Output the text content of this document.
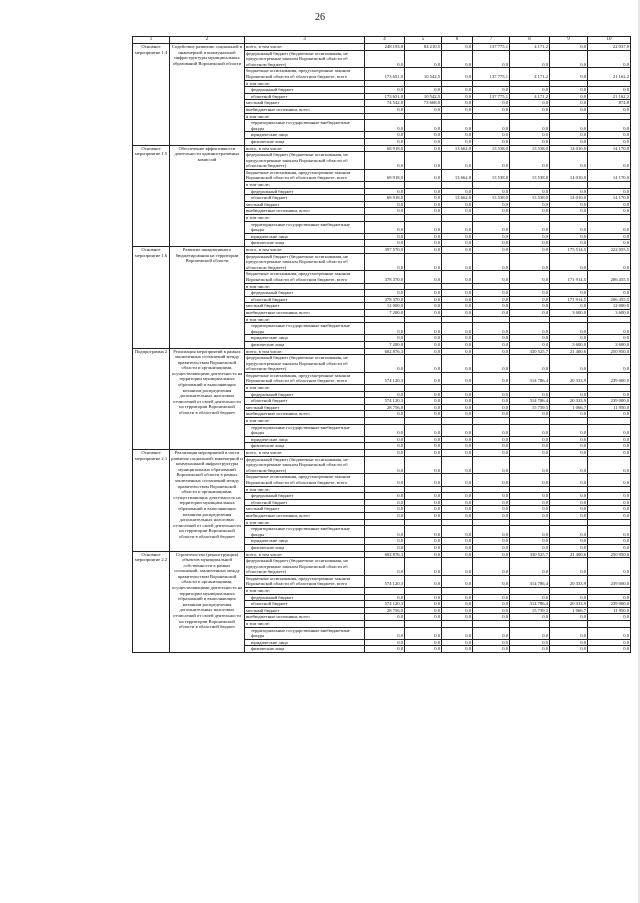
26
1	2	3	4	5	6	7	8	9	10
Основное мероприятие 1.4	Содействие развитию социальной и инженерной и коммунальной инфраструктуры муниципальных образований Воронежской области	всего, в том числе:	248 193,8	84 210,5	0,0	137 775,1	4 171,2	0,0	22 037,0
		федеральный бюджет (бюджетные ассигнования, не предусмотренные законом Воронежской области об областном бюджете)	0,0	0,0	0,0	0,0	0,0	0,0	0,0
		бюджетные ассигнования, предусмотренные законом Воронежской области об областном бюджете, всего	173 651,0	10 542,5	0,0	137 775,1	4 171,2	0,0	21 162,2
		в том числе:							
		федеральный бюджет	0,0	0,0	0,0	0,0	0,0	0,0	0,0
		областной бюджет	173 651,0	10 542,5	0,0	137 775,1	4 171,2	0,0	21 162,2
		местный бюджет	74 542,8	73 668,0	0,0	0,0	0,0	0,0	874,8
		внебюджетные источники, всего	0,0	0,0	0,0	0,0	0,0	0,0	0,0
		в том числе:							
		территориальные государственные внебюджетные фонды	0,0	0,0	0,0	0,0	0,0	0,0	0,0
		юридические лица	0,0	0,0	0,0	0,0	0,0	0,0	0,0
		физические лица	0,0	0,0	0,0	0,0	0,0	0,0	0,0
Основное мероприятие 1.5	Обеспечение эффективности деятельности административных комиссий	всего, в том числе:	68 918,0	0,0	13 662,0	13 538,0	13 538,0	14 010,0	14 170,0
		федеральный бюджет (бюджетные ассигнования, не предусмотренные законом Воронежской области об областном бюджете)	0,0	0,0	0,0	0,0	0,0	0,0	0,0
		бюджетные ассигнования, предусмотренные законом Воронежской области об областном бюджете, всего	68 918,0	0,0	13 662,0	13 538,0	13 538,0	14 010,0	14 170,0
		в том числе:							
		федеральный бюджет	0,0	0,0	0,0	0,0	0,0	0,0	0,0
		областной бюджет	68 918,0	0,0	13 662,0	13 538,0	13 538,0	14 010,0	14 170,0
		местный бюджет	0,0	0,0	0,0	0,0	0,0	0,0	0,0
		внебюджетные источники, всего	0,0	0,0	0,0	0,0	0,0	0,0	0,0
		в том числе:							
		территориальные государственные внебюджетные фонды	0,0	0,0	0,0	0,0	0,0	0,0	0,0
		юридические лица	0,0	0,0	0,0	0,0	0,0	0,0	0,0
		физические лица	0,0	0,0	0,0	0,0	0,0	0,0	0,0
Основное мероприятие 1.6	Развитие инициативного бюджетирования на территории Воронежской области	всего, в том числе:	397 570,0	0,0	0,0	0,0	0,0	175 514,5	222 055,5
		федеральный бюджет (бюджетные ассигнования, не предусмотренные законом Воронежской области об областном бюджете)	0,0	0,0	0,0	0,0	0,0	0,0	0,0
		бюджетные ассигнования, предусмотренные законом Воронежской области об областном бюджете, всего	378 370,0	0,0	0,0	0,0	0,0	171 914,5	206 455,5
		в том числе:							
		федеральный бюджет	0,0	0,0	0,0	0,0	0,0	0,0	0,0
		областной бюджет	378 370,0	0,0	0,0	0,0	0,0	171 914,5	206 455,5
		местный бюджет	12 000,0	0,0	0,0	0,0	0,0	0,0	12 000,0
		внебюджетные источники, всего	7 200,0	0,0	0,0	0,0	0,0	3 600,0	3 600,0
		в том числе:							
		территориальные государственные внебюджетные фонды	0,0	0,0	0,0	0,0	0,0	0,0	0,0
		юридические лица	0,0	0,0	0,0	0,0	0,0	0,0	0,0
		физические лица	7 200,0	0,0	0,0	0,0	0,0	3 600,0	3 600,0
Подпрограмма 2	Реализация мероприятий в рамках заключенных соглашений между правительством Воронежской области и организациями, осуществляющими деятельность на территории муниципальных образований и выполняющих механизм распределения дополнительных налоговых отчислений от своей деятельности на территории Воронежской области в областной бюджет	всего, в том числе:	602 876,3	0,0	0,0	0,0	330 525,7	21 400,6	250 950,0
		федеральный бюджет (бюджетные ассигнования, не предусмотренные законом Воронежской области об областном бюджете)	0,0	0,0	0,0	0,0	0,0	0,0	0,0
		бюджетные ассигнования, предусмотренные законом Воронежской области об областном бюджете, всего	574 120,3	0,0	0,0	0,0	314 786,4	20 333,9	239 000,0
		в том числе:							
		федеральный бюджет	0,0	0,0	0,0	0,0	0,0	0,0	0,0
		областной бюджет	574 120,3	0,0	0,0	0,0	314 786,4	20 333,9	239 000,0
		местный бюджет	28 756,0	0,0	0,0	0,0	15 739,3	1 066,7	11 950,0
		внебюджетные источники, всего	0,0	0,0	0,0	0,0	0,0	0,0	0,0
		в том числе:							
		территориальные государственные внебюджетные фонды	0,0	0,0	0,0	0,0	0,0	0,0	0,0
		юридические лица	0,0	0,0	0,0	0,0	0,0	0,0	0,0
		физические лица	0,0	0,0	0,0	0,0	0,0	0,0	0,0
Основное мероприятие 2.1	Реализация мероприятий в части развития социальной, инженерной и коммунальной инфраструктуры муниципальных образований Воронежской области в рамках заключенных соглашений между правительством Воронежской области и организациями, осуществляющих деятельность на территории муниципальных образований и выполняющих механизм распределения дополнительных налоговых отчислений от своей деятельности на территории Воронежской области в областной бюджет	всего, в том числе:	0,0	0,0	0,0	0,0	0,0	0,0	0,0
		федеральный бюджет (бюджетные ассигнования, не предусмотренные законом Воронежской области об областном бюджете)	0,0	0,0	0,0	0,0	0,0	0,0	0,0
		бюджетные ассигнования, предусмотренные законом Воронежской области об областном бюджете, всего	0,0	0,0	0,0	0,0	0,0	0,0	0,0
		в том числе:							
		федеральный бюджет	0,0	0,0	0,0	0,0	0,0	0,0	0,0
		областной бюджет	0,0	0,0	0,0	0,0	0,0	0,0	0,0
		местный бюджет	0,0	0,0	0,0	0,0	0,0	0,0	0,0
		внебюджетные источники, всего	0,0	0,0	0,0	0,0	0,0	0,0	0,0
		в том числе:							
		территориальные государственные внебюджетные фонды	0,0	0,0	0,0	0,0	0,0	0,0	0,0
		юридические лица	0,0	0,0	0,0	0,0	0,0	0,0	0,0
		физические лица	0,0	0,0	0,0	0,0	0,0	0,0	0,0
Основное мероприятие 2.2	Строительство (реконструкция) объектов муниципальной собственности в рамках соглашений, заключенных между правительством Воронежской области и организациями, осуществляющими деятельность на территории муниципальных образований и выполняющих механизм распределения дополнительных налоговых отчислений от своей деятельности на территории Воронежской области в областной бюджет	всего, в том числе:	602 876,3	0,0	0,0	0,0	330 525,7	21 400,6	250 950,0
		федеральный бюджет (бюджетные ассигнования, не предусмотренные законом Воронежской области об областном бюджете)	0,0	0,0	0,0	0,0	0,0	0,0	0,0
		бюджетные ассигнования, предусмотренные законом Воронежской области об областном бюджете, всего	574 120,3	0,0	0,0	0,0	314 786,4	20 333,9	239 000,0
		в том числе:							
		федеральный бюджет	0,0	0,0	0,0	0,0	0,0	0,0	0,0
		областной бюджет	574 120,3	0,0	0,0	0,0	314 786,4	20 333,9	239 000,0
		местный бюджет	28 756,0	0,0	0,0	0,0	15 739,3	1 066,7	11 950,0
		внебюджетные источники, всего	0,0	0,0	0,0	0,0	0,0	0,0	0,0
		в том числе:							
		территориальные государственные внебюджетные фонды	0,0	0,0	0,0	0,0	0,0	0,0	0,0
		юридические лица	0,0	0,0	0,0	0,0	0,0	0,0	0,0
		физические лица	0,0	0,0	0,0	0,0	0,0	0,0	0,0
